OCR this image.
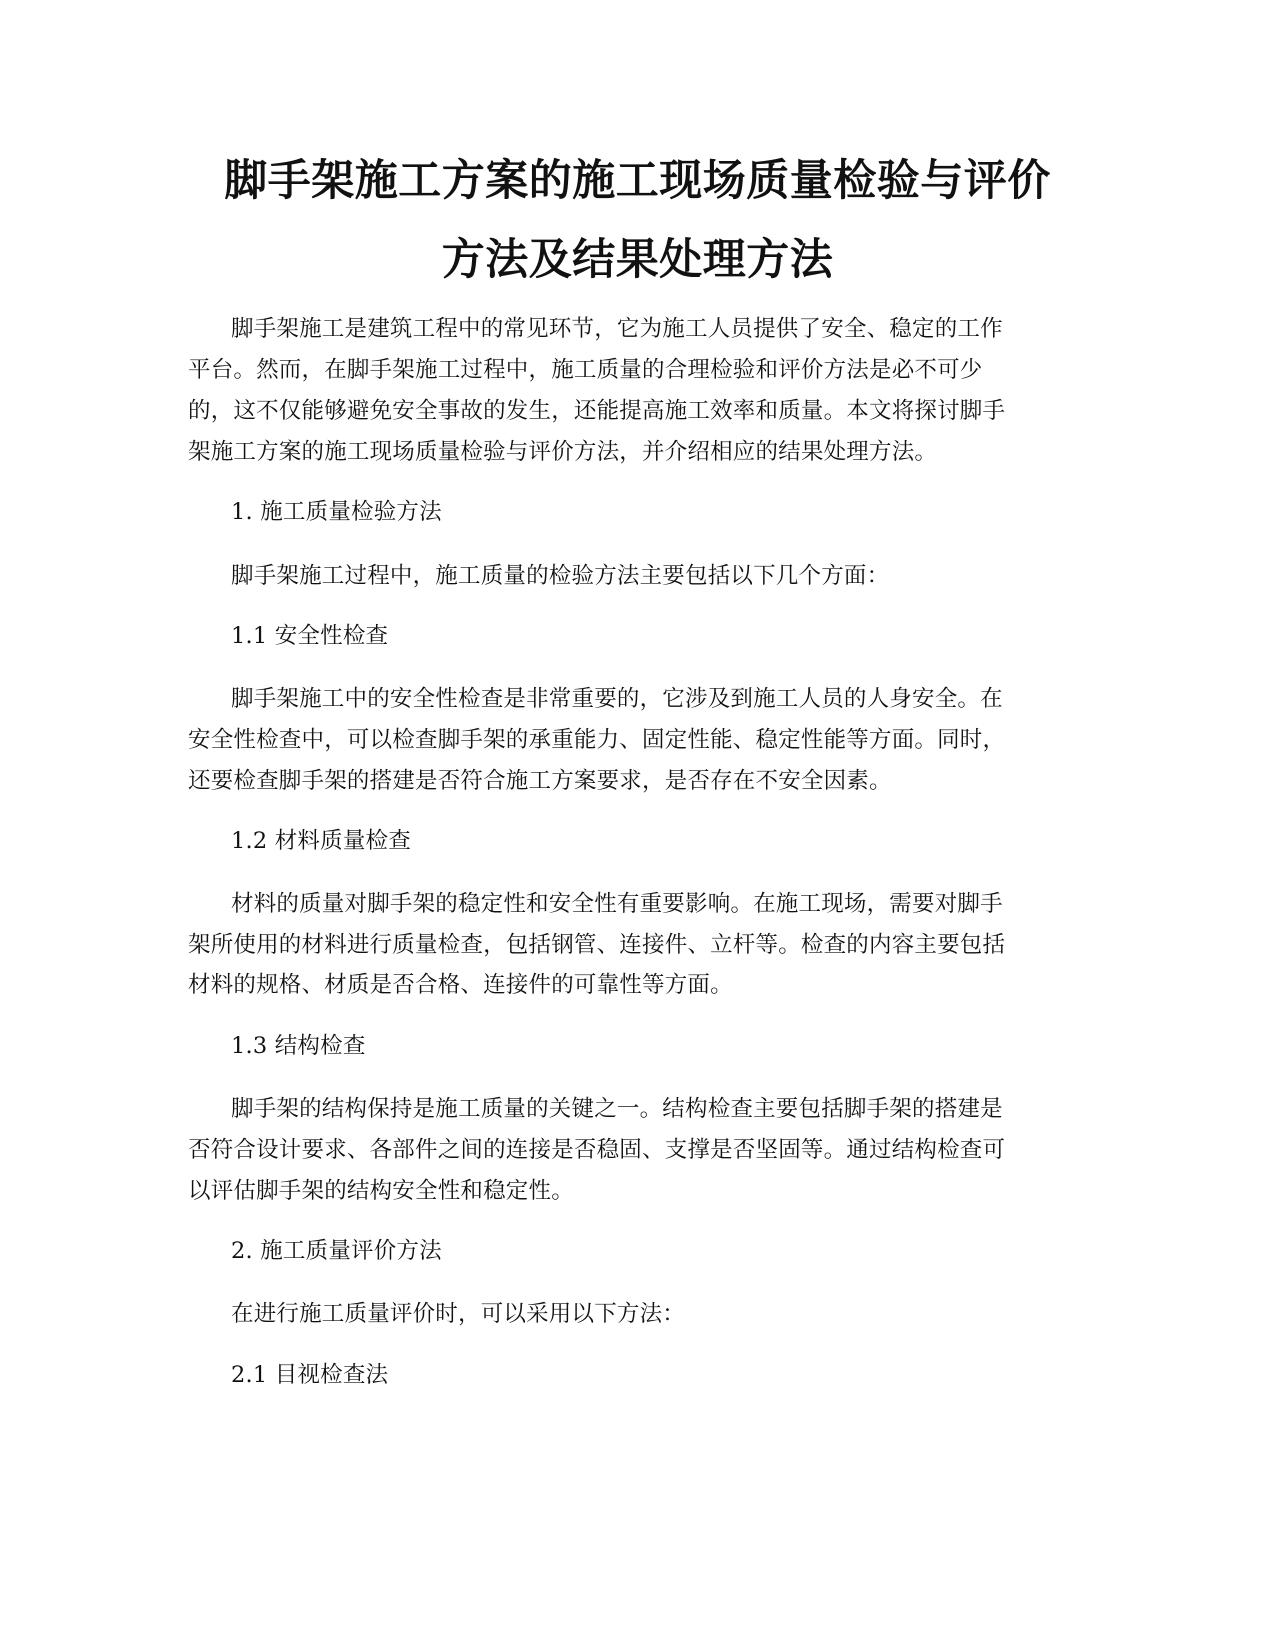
脚手架施工方案的施工现场质量检验与评价
方法及结果处理方法
脚手架施工是建筑工程中的常见环节，它为施工人员提供了安全、稳定的工作
平台。然而，在脚手架施工过程中，施工质量的合理检验和评价方法是必不可少
的，这不仅能够避免安全事故的发生，还能提高施工效率和质量。本文将探讨脚手
架施工方案的施工现场质量检验与评价方法，并介绍相应的结果处理方法。
1. 施工质量检验方法
脚手架施工过程中，施工质量的检验方法主要包括以下几个方面：
1.1 安全性检查
脚手架施工中的安全性检查是非常重要的，它涉及到施工人员的人身安全。在
安全性检查中，可以检查脚手架的承重能力、固定性能、稳定性能等方面。同时，
还要检查脚手架的搭建是否符合施工方案要求，是否存在不安全因素。
1.2 材料质量检查
材料的质量对脚手架的稳定性和安全性有重要影响。在施工现场，需要对脚手
架所使用的材料进行质量检查，包括钢管、连接件、立杆等。检查的内容主要包括
材料的规格、材质是否合格、连接件的可靠性等方面。
1.3 结构检查
脚手架的结构保持是施工质量的关键之一。结构检查主要包括脚手架的搭建是
否符合设计要求、各部件之间的连接是否稳固、支撑是否坚固等。通过结构检查可
以评估脚手架的结构安全性和稳定性。
2. 施工质量评价方法
在进行施工质量评价时，可以采用以下方法：
2.1 目视检查法
